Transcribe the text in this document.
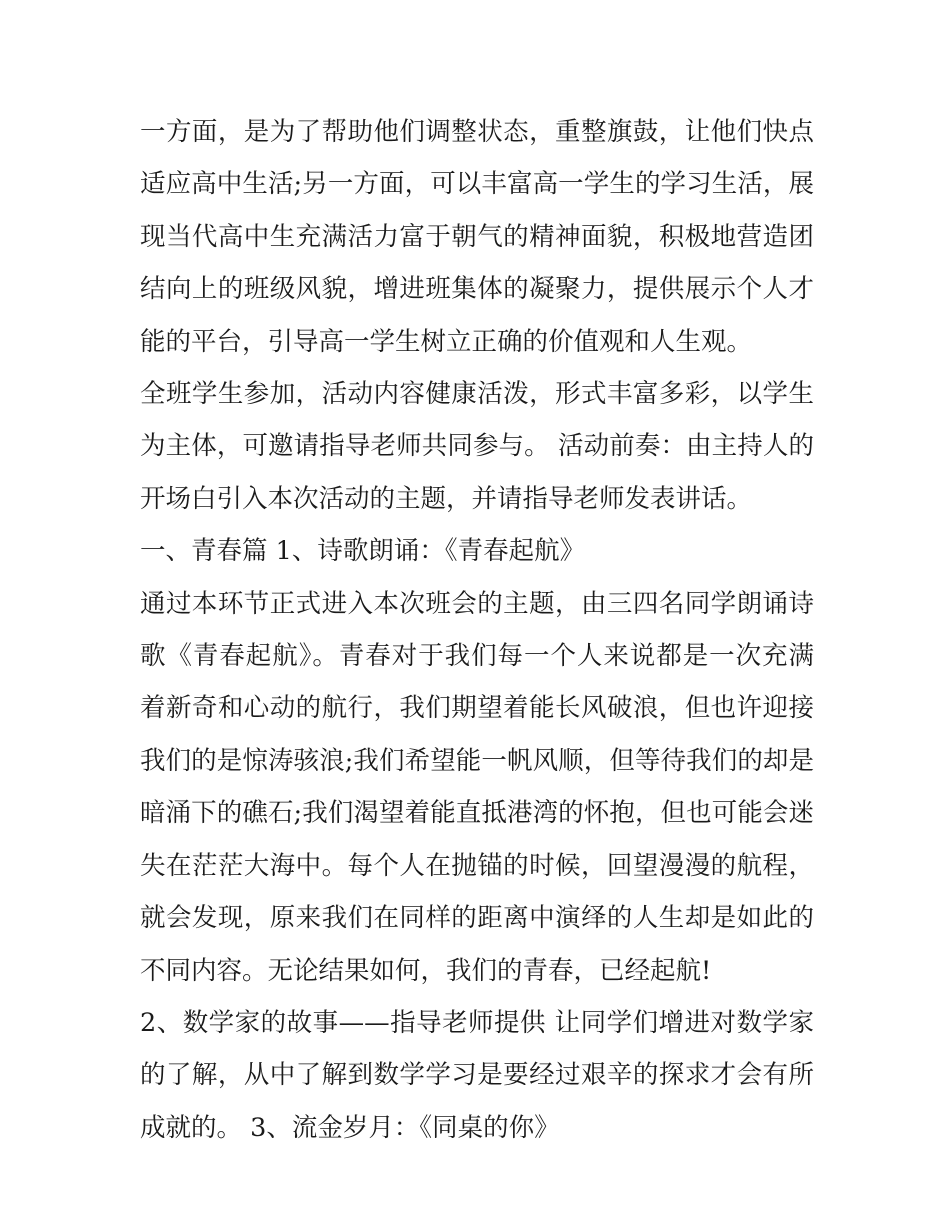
一方面，是为了帮助他们调整状态，重整旗鼓，让他们快点适应高中生活;另一方面，可以丰富高一学生的学习生活，展现当代高中生充满活力富于朝气的精神面貌，积极地营造团结向上的班级风貌，增进班集体的凝聚力，提供展示个人才能的平台，引导高一学生树立正确的价值观和人生观。

全班学生参加，活动内容健康活泼，形式丰富多彩，以学生为主体，可邀请指导老师共同参与。 活动前奏：由主持人的开场白引入本次活动的主题，并请指导老师发表讲话。

一、青春篇 1、诗歌朗诵：《青春起航》

通过本环节正式进入本次班会的主题，由三四名同学朗诵诗歌《青春起航》。青春对于我们每一个人来说都是一次充满着新奇和心动的航行，我们期望着能长风破浪，但也许迎接我们的是惊涛骇浪;我们希望能一帆风顺，但等待我们的却是暗涌下的礁石;我们渴望着能直抵港湾的怀抱，但也可能会迷失在茫茫大海中。每个人在抛锚的时候，回望漫漫的航程，就会发现，原来我们在同样的距离中演绎的人生却是如此的不同内容。无论结果如何，我们的青春，已经起航!

2、数学家的故事——指导老师提供 让同学们增进对数学家的了解，从中了解到数学学习是要经过艰辛的探求才会有所成就的。 3、流金岁月：《同桌的你》
